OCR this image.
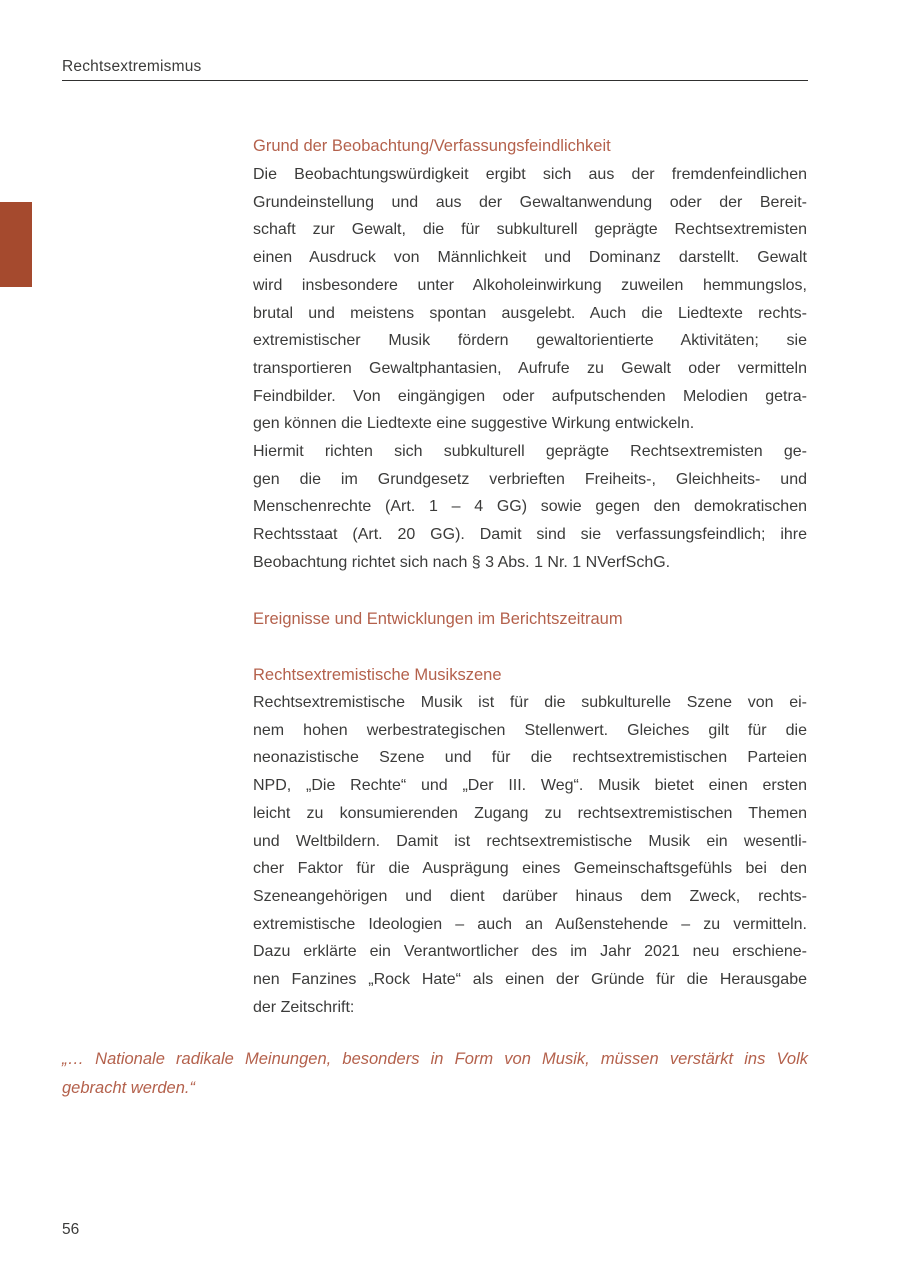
Rechtsextremismus
Grund der Beobachtung/Verfassungsfeindlichkeit
Die Beobachtungswürdigkeit ergibt sich aus der fremdenfeindlichen
Grundeinstellung und aus der Gewaltanwendung oder der Bereit-
schaft zur Gewalt, die für subkulturell geprägte Rechtsextremisten
einen Ausdruck von Männlichkeit und Dominanz darstellt. Gewalt
wird insbesondere unter Alkoholeinwirkung zuweilen hemmungslos,
brutal und meistens spontan ausgelebt. Auch die Liedtexte rechts-
extremistischer Musik fördern gewaltorientierte Aktivitäten; sie
transportieren Gewaltphantasien, Aufrufe zu Gewalt oder vermitteln
Feindbilder. Von eingängigen oder aufputschenden Melodien getra-
gen können die Liedtexte eine suggestive Wirkung entwickeln.
Hiermit richten sich subkulturell geprägte Rechtsextremisten ge-
gen die im Grundgesetz verbrieften Freiheits-, Gleichheits- und
Menschenrechte (Art. 1 – 4 GG) sowie gegen den demokratischen
Rechtsstaat (Art. 20 GG). Damit sind sie verfassungsfeindlich; ihre
Beobachtung richtet sich nach § 3 Abs. 1 Nr. 1 NVerfSchG.
Ereignisse und Entwicklungen im Berichtszeitraum
Rechtsextremistische Musikszene
Rechtsextremistische Musik ist für die subkulturelle Szene von ei-
nem hohen werbestrategischen Stellenwert. Gleiches gilt für die
neonazistische Szene und für die rechtsextremistischen Parteien
NPD, „Die Rechte“ und „Der III. Weg“. Musik bietet einen ersten
leicht zu konsumierenden Zugang zu rechtsextremistischen Themen
und Weltbildern. Damit ist rechtsextremistische Musik ein wesentli-
cher Faktor für die Ausprägung eines Gemeinschaftsgefühls bei den
Szeneangehörigen und dient darüber hinaus dem Zweck, rechts-
extremistische Ideologien – auch an Außenstehende – zu vermitteln.
Dazu erklärte ein Verantwortlicher des im Jahr 2021 neu erschiene-
nen Fanzines „Rock Hate“ als einen der Gründe für die Herausgabe
der Zeitschrift:
„… Nationale radikale Meinungen, besonders in Form von Musik, müssen verstärkt ins Volk
gebracht werden.“
56
